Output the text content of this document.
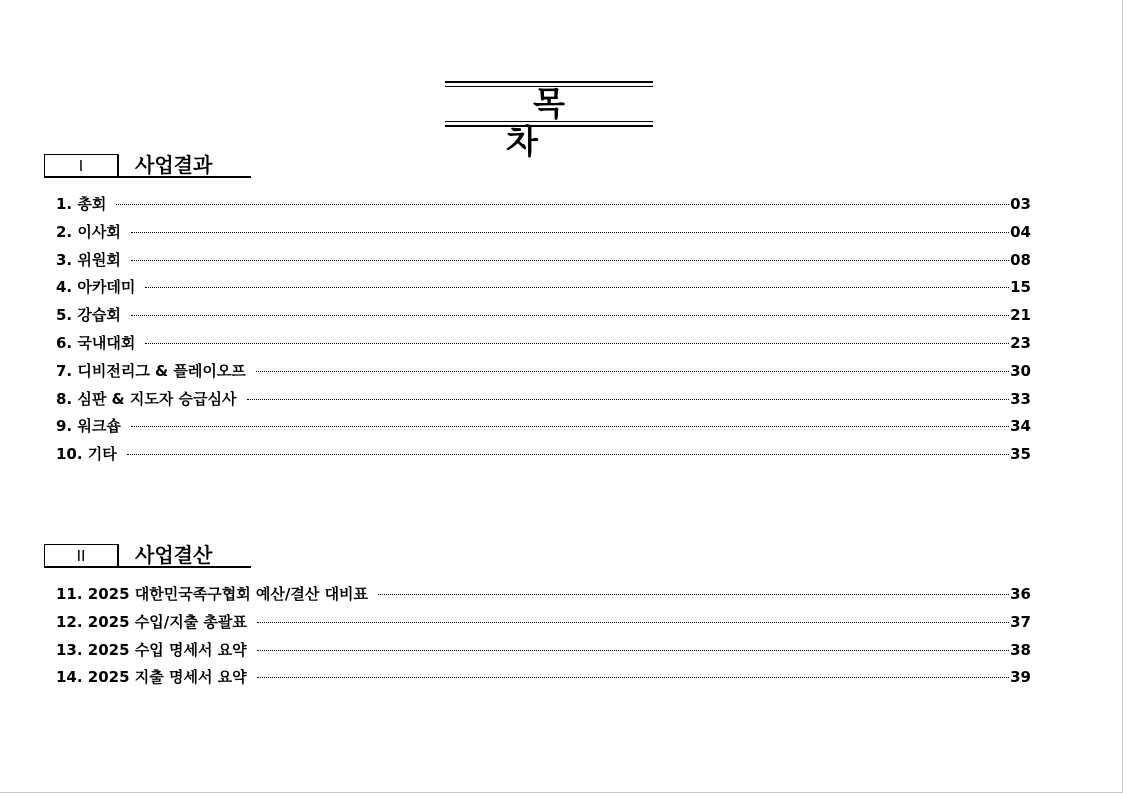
목차
I	사업결과
1. 총회	03
2. 이사회	04
3. 위원회	08
4. 아카데미	15
5. 강습회	21
6. 국내대회	23
7. 디비전리그 & 플레이오프	30
8. 심판 & 지도자 승급심사	33
9. 워크숍	34
10. 기타	35
II	사업결산
11. 2025 대한민국족구협회 예산/결산 대비표	36
12. 2025 수입/지출 총괄표	37
13. 2025 수입 명세서 요약	38
14. 2025 지출 명세서 요약	39
